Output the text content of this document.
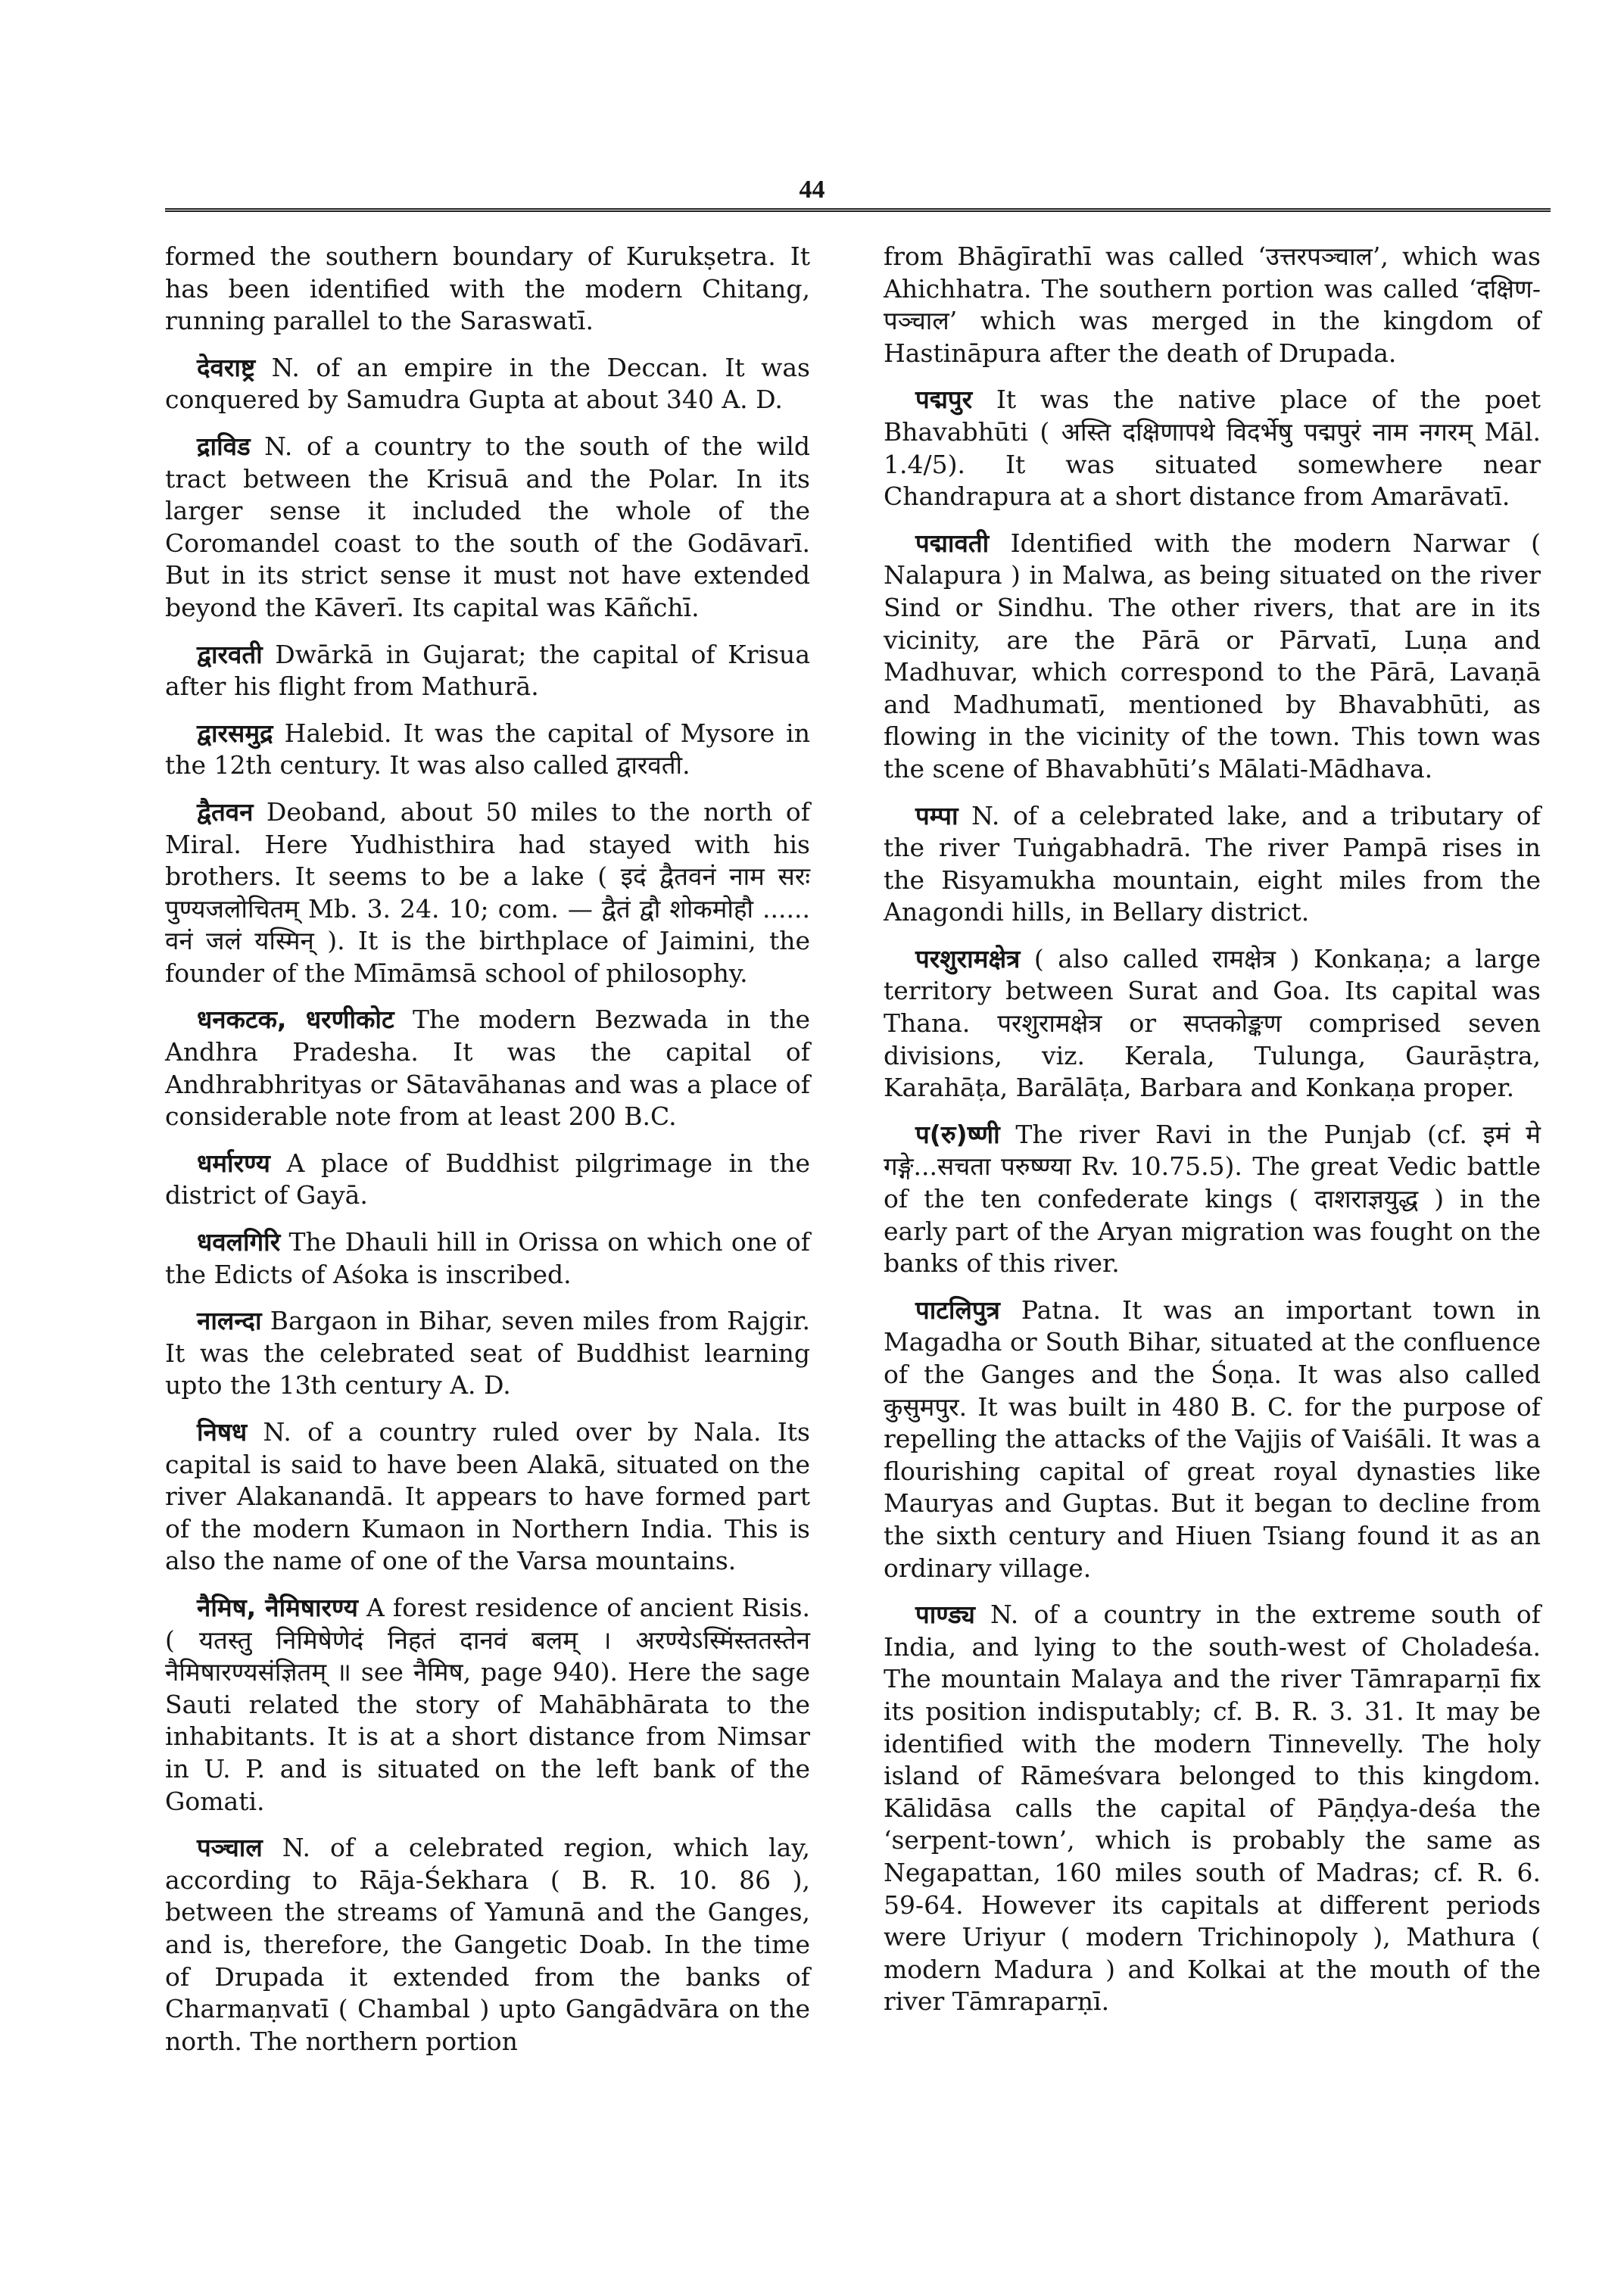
44

formed the southern boundary of Kurukṣetra. It has been identified with the modern Chitang, running parallel to the Saraswatī.

देवराष्ट्र N. of an empire in the Deccan. It was conquered by Samudra Gupta at about 340 A. D.

द्राविड N. of a country to the south of the wild tract between the Krisuā and the Polar. In its larger sense it included the whole of the Coromandel coast to the south of the Godāvarī. But in its strict sense it must not have extended beyond the Kāverī. Its capital was Kāñchī.

द्वारवती Dwārkā in Gujarat; the capital of Krisua after his flight from Mathurā.

द्वारसमुद्र Halebid. It was the capital of Mysore in the 12th century. It was also called द्वारवती.

द्वैतवन Deoband, about 50 miles to the north of Miral. Here Yudhisthira had stayed with his brothers. It seems to be a lake ( इदं द्वैतवनं नाम सरः पुण्यजलोचितम् Mb. 3. 24. 10; com. — द्वैतं द्वौ शोकमोहौ ...... वनं जलं यस्मिन् ). It is the birthplace of Jaimini, the founder of the Mīmāmsā school of philosophy.

धनकटक, धरणीकोट The modern Bezwada in the Andhra Pradesha. It was the capital of Andhrabhrityas or Sātavāhanas and was a place of considerable note from at least 200 B.C.

धर्मारण्य A place of Buddhist pilgrimage in the district of Gayā.

धवलगिरि The Dhauli hill in Orissa on which one of the Edicts of Aśoka is inscribed.

नालन्दा Bargaon in Bihar, seven miles from Rajgir. It was the celebrated seat of Buddhist learning upto the 13th century A. D.

निषध N. of a country ruled over by Nala. Its capital is said to have been Alakā, situated on the river Alakanandā. It appears to have formed part of the modern Kumaon in Northern India. This is also the name of one of the Varsa mountains.

नैमिष, नैमिषारण्य A forest residence of ancient Risis. ( यतस्तु निमिषेणेदं निहतं दानवं बलम् । अरण्येऽस्मिंस्ततस्तेन नैमिषारण्यसंज्ञितम् ॥ see नैमिष, page 940). Here the sage Sauti related the story of Mahābhārata to the inhabitants. It is at a short distance from Nimsar in U. P. and is situated on the left bank of the Gomati.

पञ्चाल N. of a celebrated region, which lay, according to Rāja-Śekhara ( B. R. 10. 86 ), between the streams of Yamunā and the Ganges, and is, therefore, the Gangetic Doab. In the time of Drupada it extended from the banks of Charmaṇvatī ( Chambal ) upto Gangādvāra on the north. The northern portion

from Bhāgīrathī was called ‘उत्तरपञ्चाल’, which was Ahichhatra. The southern portion was called ‘दक्षिण-पञ्चाल’ which was merged in the kingdom of Hastināpura after the death of Drupada.

पद्मपुर It was the native place of the poet Bhavabhūti ( अस्ति दक्षिणापथे विदर्भेषु पद्मपुरं नाम नगरम् Māl. 1.4/5). It was situated somewhere near Chandrapura at a short distance from Amarāvatī.

पद्मावती Identified with the modern Narwar ( Nalapura ) in Malwa, as being situated on the river Sind or Sindhu. The other rivers, that are in its vicinity, are the Pārā or Pārvatī, Luṇa and Madhuvar, which correspond to the Pārā, Lavaṇā and Madhumatī, mentioned by Bhavabhūti, as flowing in the vicinity of the town. This town was the scene of Bhavabhūti’s Mālati-Mādhava.

पम्पा N. of a celebrated lake, and a tributary of the river Tuṅgabhadrā. The river Pampā rises in the Risyamukha mountain, eight miles from the Anagondi hills, in Bellary district.

परशुरामक्षेत्र ( also called रामक्षेत्र ) Konkaṇa; a large territory between Surat and Goa. Its capital was Thana. परशुरामक्षेत्र or सप्तकोङ्कण comprised seven divisions, viz. Kerala, Tulunga, Gaurāṣtra, Karahāṭa, Barālāṭa, Barbara and Konkaṇa proper.

प(रु)ष्णी The river Ravi in the Punjab (cf. इमं मे गङ्गे...सचता परुष्ण्या Rv. 10.75.5). The great Vedic battle of the ten confederate kings ( दाशराज्ञयुद्ध ) in the early part of the Aryan migration was fought on the banks of this river.

पाटलिपुत्र Patna. It was an important town in Magadha or South Bihar, situated at the confluence of the Ganges and the Śoṇa. It was also called कुसुमपुर. It was built in 480 B. C. for the purpose of repelling the attacks of the Vajjis of Vaiśāli. It was a flourishing capital of great royal dynasties like Mauryas and Guptas. But it began to decline from the sixth century and Hiuen Tsiang found it as an ordinary village.

पाण्ड्य N. of a country in the extreme south of India, and lying to the south-west of Choladeśa. The mountain Malaya and the river Tāmraparṇī fix its position indisputably; cf. B. R. 3. 31. It may be identified with the modern Tinnevelly. The holy island of Rāmeśvara belonged to this kingdom. Kālidāsa calls the capital of Pāṇḍya-deśa the ‘serpent-town’, which is probably the same as Negapattan, 160 miles south of Madras; cf. R. 6. 59-64. However its capitals at different periods were Uriyur ( modern Trichinopoly ), Mathura ( modern Madura ) and Kolkai at the mouth of the river Tāmraparṇī.
